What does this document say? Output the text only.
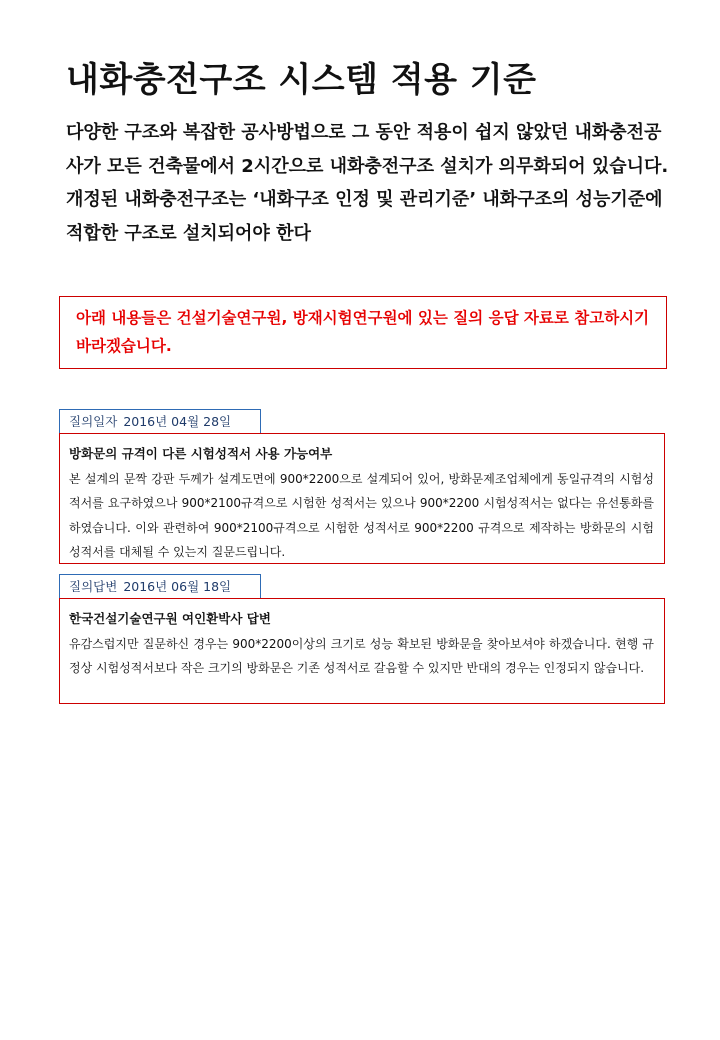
내화충전구조 시스템 적용 기준

다양한 구조와 복잡한 공사방법으로 그 동안 적용이 쉽지 않았던 내화충전공사가 모든 건축물에서 2시간으로 내화충전구조 설치가 의무화되어 있습니다.

개정된 내화충전구조는 ‘내화구조 인정 및 관리기준’ 내화구조의 성능기준에 적합한 구조로 설치되어야 한다

아래 내용들은 건설기술연구원, 방재시험연구원에 있는 질의 응답 자료로 참고하시기 바라겠습니다.
질의일자 2016년 04월 28일
방화문의 규격이 다른 시험성적서 사용 가능여부
본 설계의 문짝 강판 두께가 설계도면에 900*2200으로 설계되어 있어, 방화문제조업체에게 동일규격의 시험성적서를 요구하였으나 900*2100규격으로 시험한 성적서는 있으나 900*2200 시험성적서는 없다는 유선통화를 하였습니다. 이와 관련하여 900*2100규격으로 시험한 성적서로 900*2200 규격으로 제작하는 방화문의 시험성적서를 대체될 수 있는지 질문드립니다.
질의답변 2016년 06월 18일
한국건설기술연구원 여인환박사 답변
유감스럽지만 질문하신 경우는 900*2200이상의 크기로 성능 확보된 방화문을 찾아보셔야 하겠습니다. 현행 규정상 시험성적서보다 작은 크기의 방화문은 기존 성적서로 갈음할 수 있지만 반대의 경우는 인정되지 않습니다.
